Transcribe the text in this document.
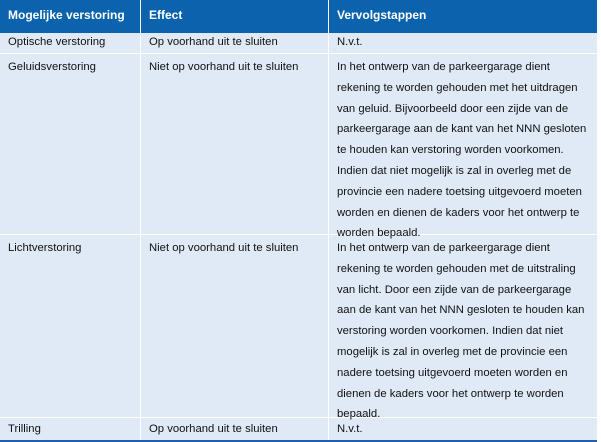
Mogelijke verstoring	Effect	Vervolgstappen
Optische verstoring	Op voorhand uit te sluiten	N.v.t.
Geluidsverstoring	Niet op voorhand uit te sluiten	In het ontwerp van de parkeergarage dient rekening te worden gehouden met het uitdragen van geluid. Bijvoorbeeld door een zijde van de parkeergarage aan de kant van het NNN gesloten te houden kan verstoring worden voorkomen. Indien dat niet mogelijk is zal in overleg met de provincie een nadere toetsing uitgevoerd moeten worden en dienen de kaders voor het ontwerp te worden bepaald.
Lichtverstoring	Niet op voorhand uit te sluiten	In het ontwerp van de parkeergarage dient rekening te worden gehouden met de uitstraling van licht. Door een zijde van de parkeergarage aan de kant van het NNN gesloten te houden kan verstoring worden voorkomen. Indien dat niet mogelijk is zal in overleg met de provincie een nadere toetsing uitgevoerd moeten worden en dienen de kaders voor het ontwerp te worden bepaald.
Trilling	Op voorhand uit te sluiten	N.v.t.
